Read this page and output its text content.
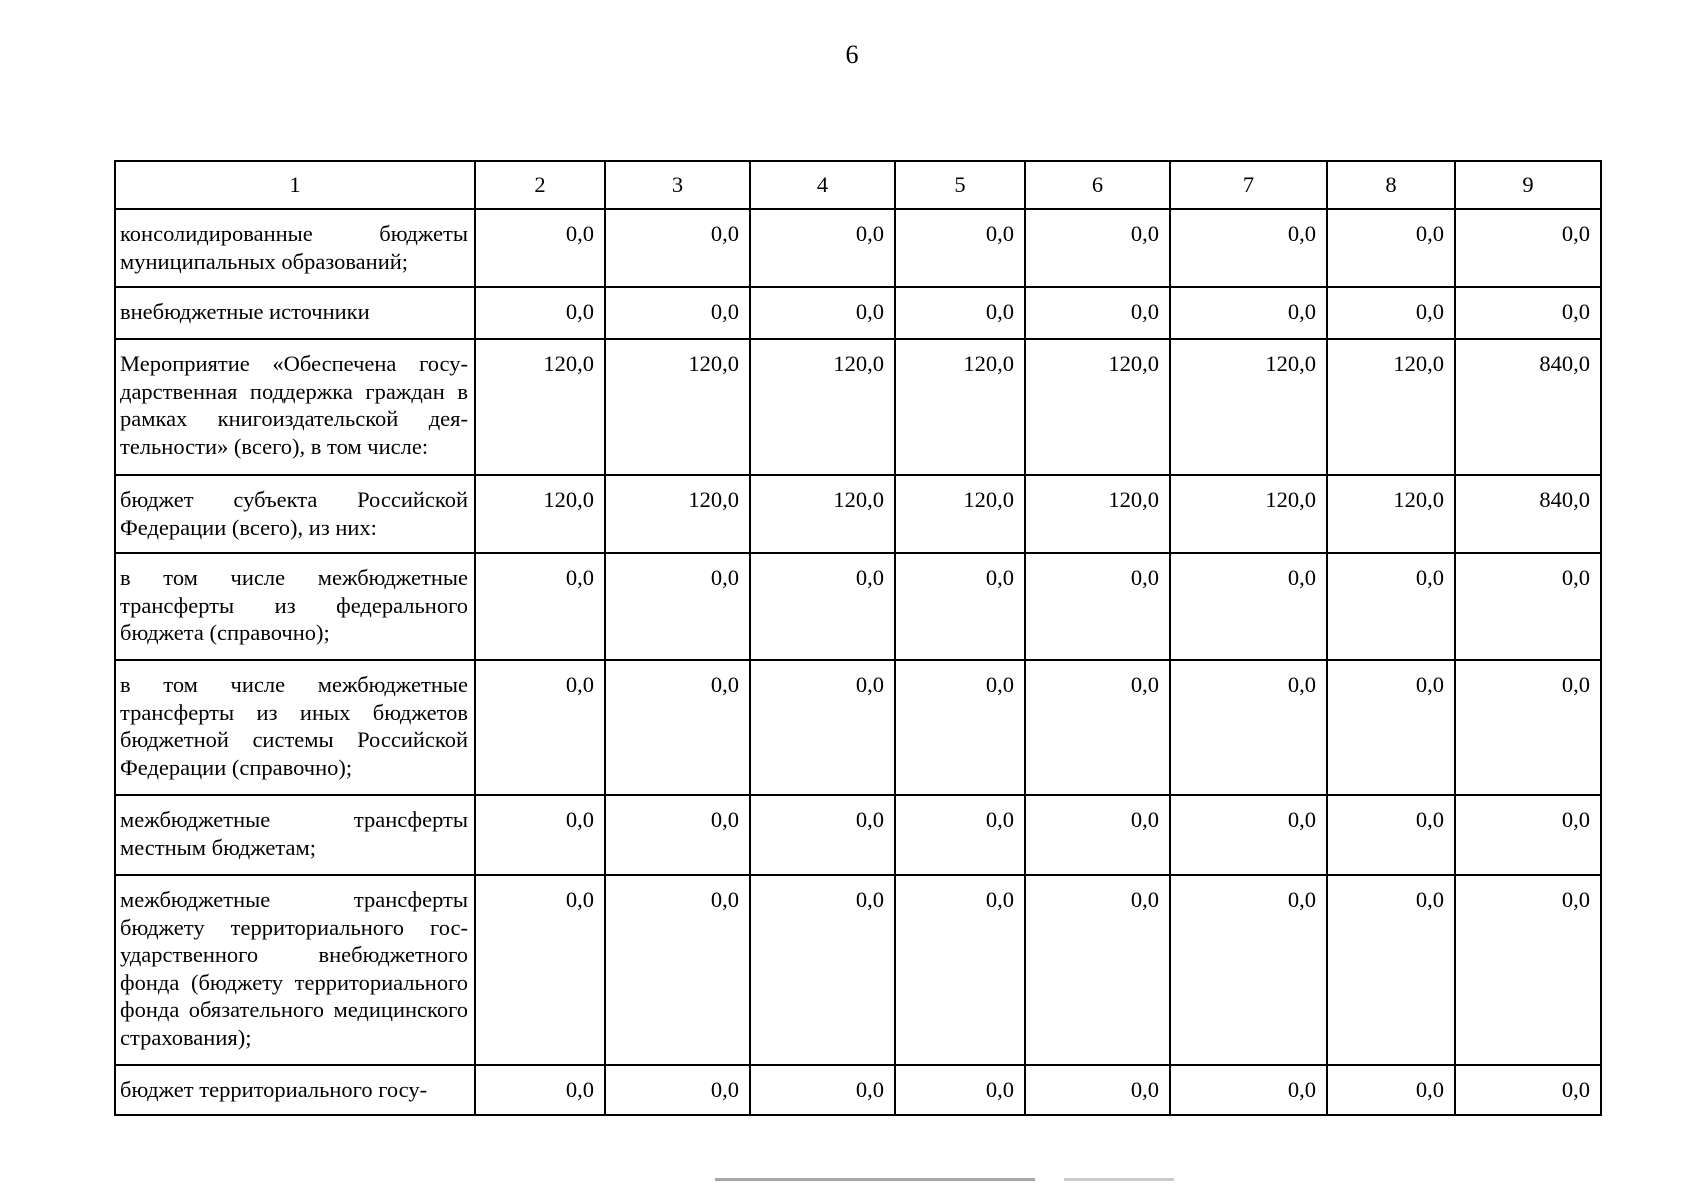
6
1	2	3	4	5	6	7	8	9
консолидированные бюджеты муниципальных образований;	0,0	0,0	0,0	0,0	0,0	0,0	0,0	0,0
внебюджетные источники	0,0	0,0	0,0	0,0	0,0	0,0	0,0	0,0
Мероприятие «Обеспечена государственная поддержка граждан в рамках книгоиздательской деятельности» (всего), в том числе:	120,0	120,0	120,0	120,0	120,0	120,0	120,0	840,0
бюджет субъекта Российской Федерации (всего), из них:	120,0	120,0	120,0	120,0	120,0	120,0	120,0	840,0
в том числе межбюджетные трансферты из федерального бюджета (справочно);	0,0	0,0	0,0	0,0	0,0	0,0	0,0	0,0
в том числе межбюджетные трансферты из иных бюджетов бюджетной системы Российской Федерации (справочно);	0,0	0,0	0,0	0,0	0,0	0,0	0,0	0,0
межбюджетные трансферты местным бюджетам;	0,0	0,0	0,0	0,0	0,0	0,0	0,0	0,0
межбюджетные трансферты бюджету территориального государственного внебюджетного фонда (бюджету территориального фонда обязательного медицинского страхования);	0,0	0,0	0,0	0,0	0,0	0,0	0,0	0,0
бюджет территориального госу-	0,0	0,0	0,0	0,0	0,0	0,0	0,0	0,0
